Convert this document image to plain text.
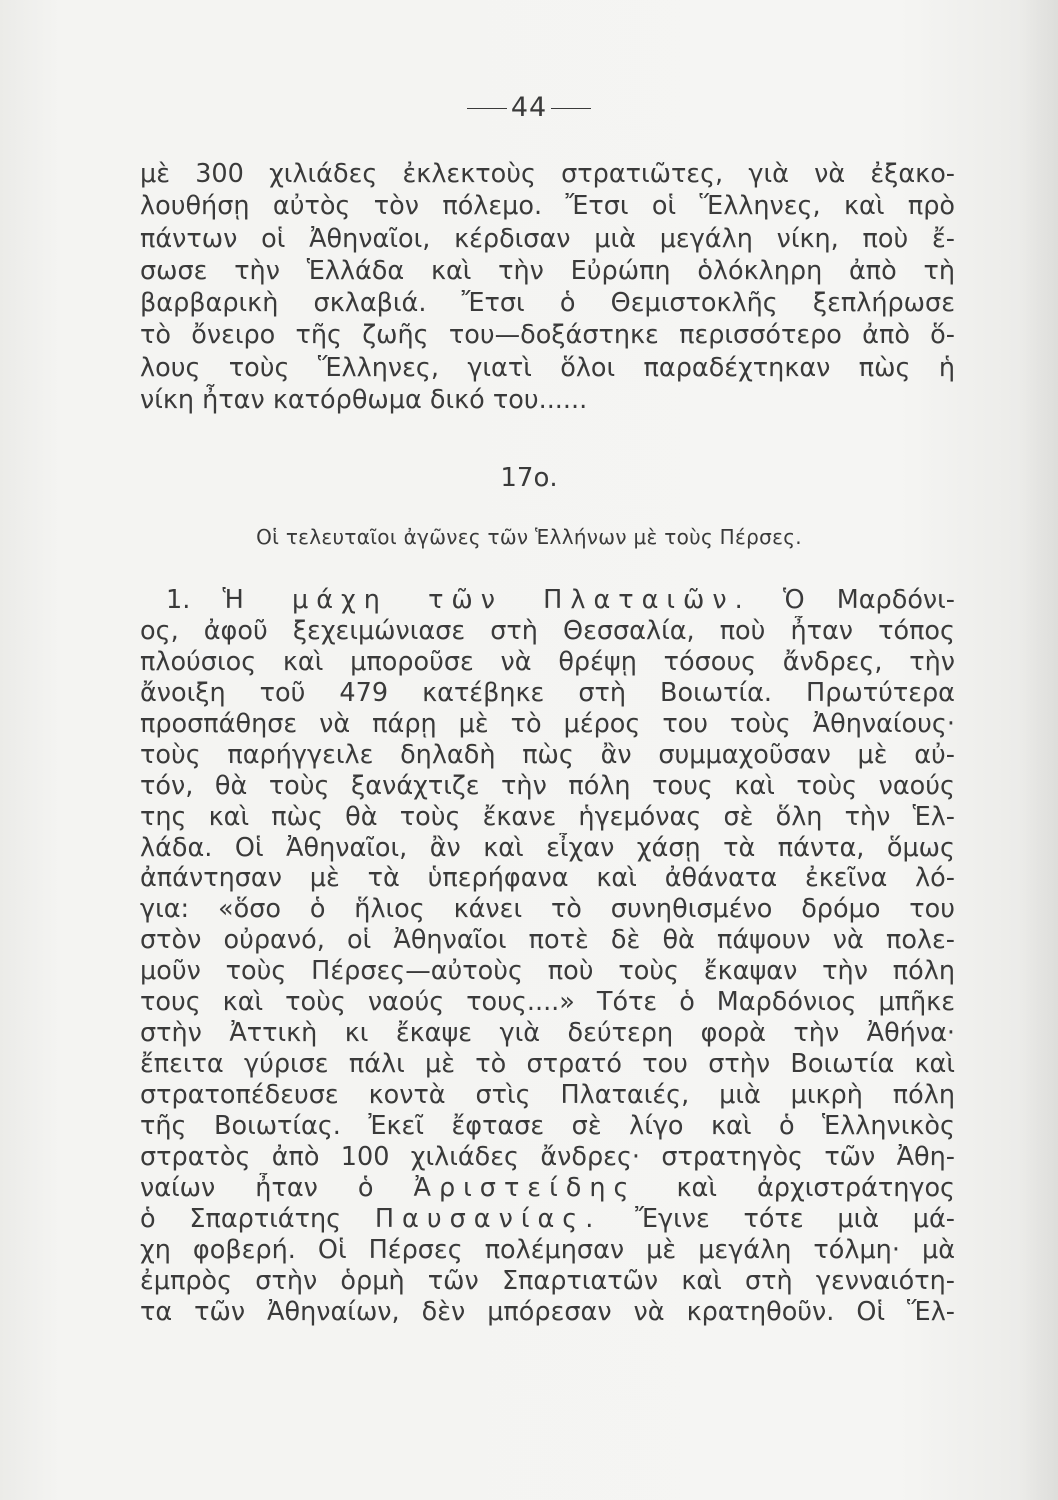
44
μὲ 300 χιλιάδες ἐκλεκτοὺς στρατιῶτες, γιὰ νὰ ἐξακο-
λουθήσῃ αὐτὸς τὸν πόλεμο. Ἔτσι οἱ Ἕλληνες, καὶ πρὸ
πάντων οἱ Ἀθηναῖοι, κέρδισαν μιὰ μεγάλη νίκη, ποὺ ἔ-
σωσε τὴν Ἑλλάδα καὶ τὴν Εὐρώπη ὁλόκληρη ἀπὸ τὴ
βαρβαρικὴ σκλαβιά. Ἔτσι ὁ Θεμιστοκλῆς ξεπλήρωσε
τὸ ὄνειρο τῆς ζωῆς του—δοξάστηκε περισσότερο ἀπὸ ὅ-
λους τοὺς Ἕλληνες, γιατὶ ὅλοι παραδέχτηκαν πὼς ἡ
νίκη ἦταν κατόρθωμα δικό του......
17ο.
Οἱ τελευταῖοι ἀγῶνες τῶν Ἑλλήνων μὲ τοὺς Πέρσες.
1. Ἡ μάχη τῶν Πλαταιῶν. Ὁ Μαρδόνι-
ος, ἀφοῦ ξεχειμώνιασε στὴ Θεσσαλία, ποὺ ἦταν τόπος
πλούσιος καὶ μποροῦσε νὰ θρέψῃ τόσους ἄνδρες, τὴν
ἄνοιξη τοῦ 479 κατέβηκε στὴ Βοιωτία. Πρωτύτερα
προσπάθησε νὰ πάρῃ μὲ τὸ μέρος του τοὺς Ἀθηναίους·
τοὺς παρήγγειλε δηλαδὴ πὼς ἂν συμμαχοῦσαν μὲ αὐ-
τόν, θὰ τοὺς ξανάχτιζε τὴν πόλη τους καὶ τοὺς ναούς
της καὶ πὼς θὰ τοὺς ἔκανε ἡγεμόνας σὲ ὅλη τὴν Ἑλ-
λάδα. Οἱ Ἀθηναῖοι, ἂν καὶ εἶχαν χάσῃ τὰ πάντα, ὅμως
ἀπάντησαν μὲ τὰ ὑπερήφανα καὶ ἀθάνατα ἐκεῖνα λό-
για: «ὅσο ὁ ἥλιος κάνει τὸ συνηθισμένο δρόμο του
στὸν οὐρανό, οἱ Ἀθηναῖοι ποτὲ δὲ θὰ πάψουν νὰ πολε-
μοῦν τοὺς Πέρσες—αὐτοὺς ποὺ τοὺς ἔκαψαν τὴν πόλη
τους καὶ τοὺς ναούς τους....» Τότε ὁ Μαρδόνιος μπῆκε
στὴν Ἀττικὴ κι ἔκαψε γιὰ δεύτερη φορὰ τὴν Ἀθήνα·
ἔπειτα γύρισε πάλι μὲ τὸ στρατό του στὴν Βοιωτία καὶ
στρατοπέδευσε κοντὰ στὶς Πλαταιές, μιὰ μικρὴ πόλη
τῆς Βοιωτίας. Ἐκεῖ ἔφτασε σὲ λίγο καὶ ὁ Ἑλληνικὸς
στρατὸς ἀπὸ 100 χιλιάδες ἄνδρες· στρατηγὸς τῶν Ἀθη-
ναίων ἦταν ὁ Ἀριστείδης καὶ ἀρχιστράτηγος
ὁ Σπαρτιάτης Παυσανίας. Ἔγινε τότε μιὰ μά-
χη φοβερή. Οἱ Πέρσες πολέμησαν μὲ μεγάλη τόλμη· μὰ
ἐμπρὸς στὴν ὁρμὴ τῶν Σπαρτιατῶν καὶ στὴ γενναιότη-
τα τῶν Ἀθηναίων, δὲν μπόρεσαν νὰ κρατηθοῦν. Οἱ Ἕλ-
